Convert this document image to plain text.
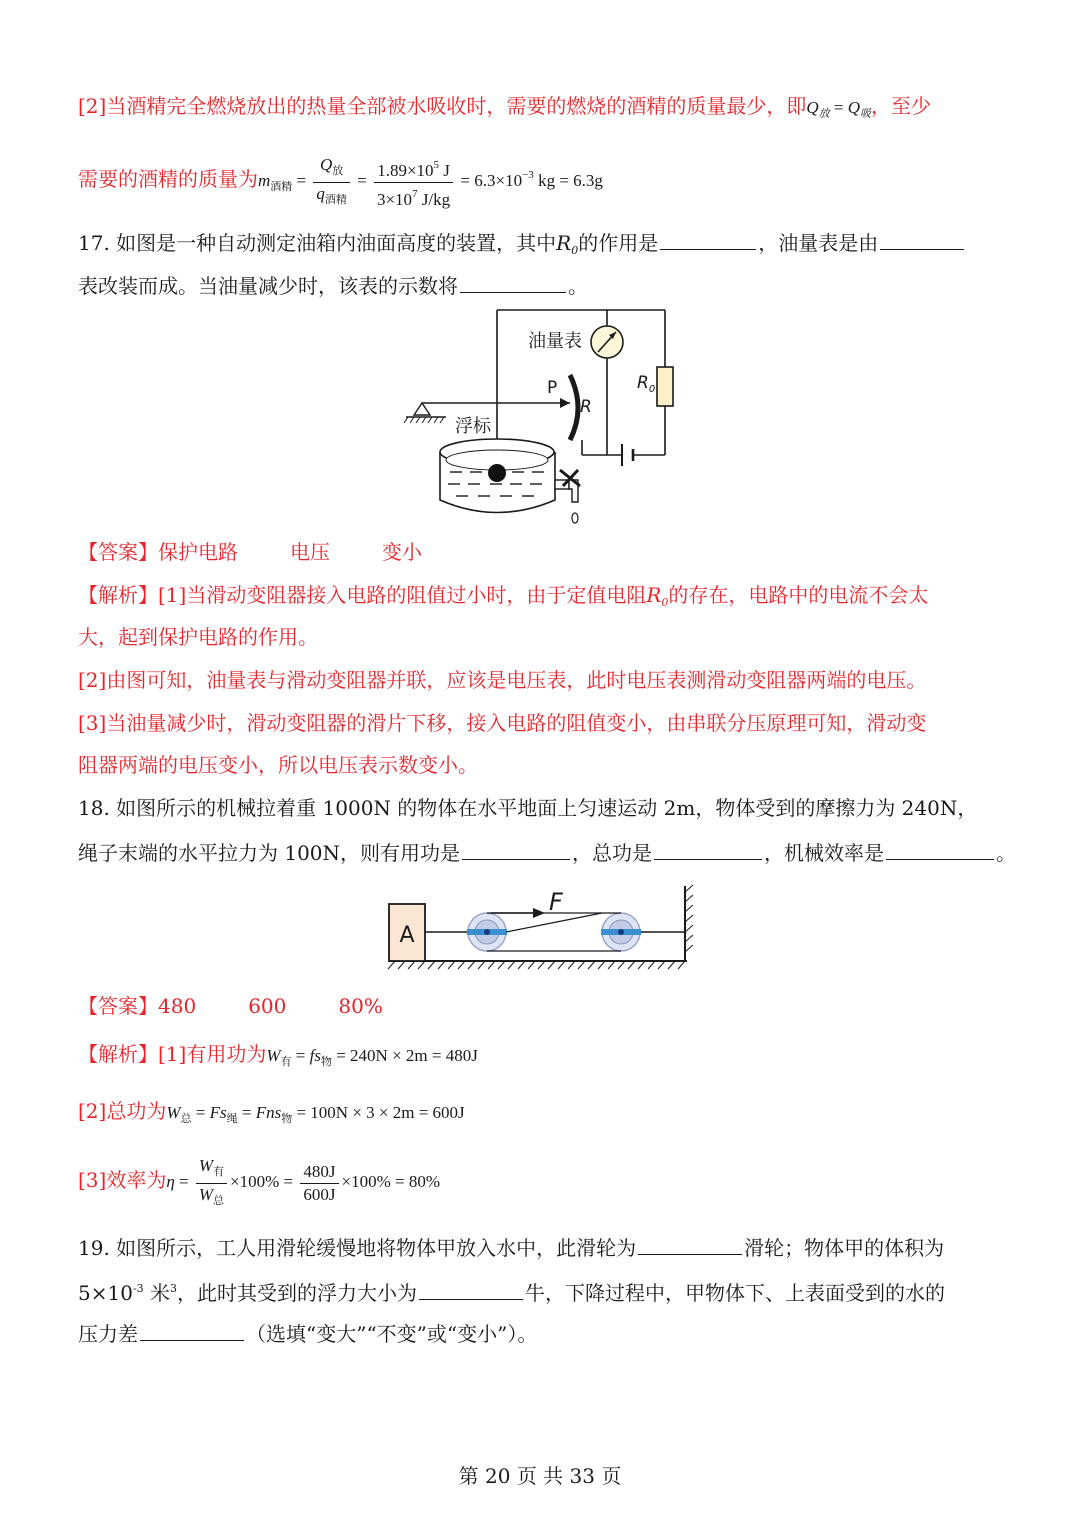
[2]当酒精完全燃烧放出的热量全部被水吸收时，需要的燃烧的酒精的质量最少，即$Q_放 = Q_吸$，至少
需要的酒精的质量为$m_{酒精} = \frac{Q_放}{q_{酒精}} = \frac{1.89\times 10^5 J}{3\times 10^7 J/kg} = 6.3\times 10^{-3}$ kg = 6.3g
17. 如图是一种自动测定油箱内油面高度的装置，其中$R_0$的作用是	，油量表是由
表改装而成。当油量减少时，该表的示数将	。
油量表
$R_0$
P
R
浮标
【答案】保护电路	电压	变小
【解析】[1]当滑动变阻器接入电路的阻值过小时，由于定值电阻$R_0$的存在，电路中的电流不会太
大，起到保护电路的作用。
[2]由图可知，油量表与滑动变阻器并联，应该是电压表，此时电压表测滑动变阻器两端的电压。
[3]当油量减少时，滑动变阻器的滑片下移，接入电路的阻值变小，由串联分压原理可知，滑动变
阻器两端的电压变小，所以电压表示数变小。
18. 如图所示的机械拉着重 1000N 的物体在水平地面上匀速运动 2m，物体受到的摩擦力为 240N，
绳子末端的水平拉力为 100N，则有用功是	，总功是	，机械效率是	。
A
F
【答案】480	600	80%
【解析】[1]有用功为$W_有 = fs_物 = 240N \times 2m = 480J$
[2]总功为$W_总 = Fs_绳 = Fns_物 = 100N \times 3 \times 2m = 600J$
[3]效率为$\eta = \frac{W_有}{W_总} \times 100\% = \frac{480J}{600J} \times 100\% = 80\%$
19. 如图所示，工人用滑轮缓慢地将物体甲放入水中，此滑轮为	滑轮；物体甲的体积为
$5\times 10^{-3}$ 米$^3$，此时其受到的浮力大小为	牛，下降过程中，甲物体下、上表面受到的水的
压力差	（选填“变大”“不变”或“变小”）。
第 20 页 共 33 页
